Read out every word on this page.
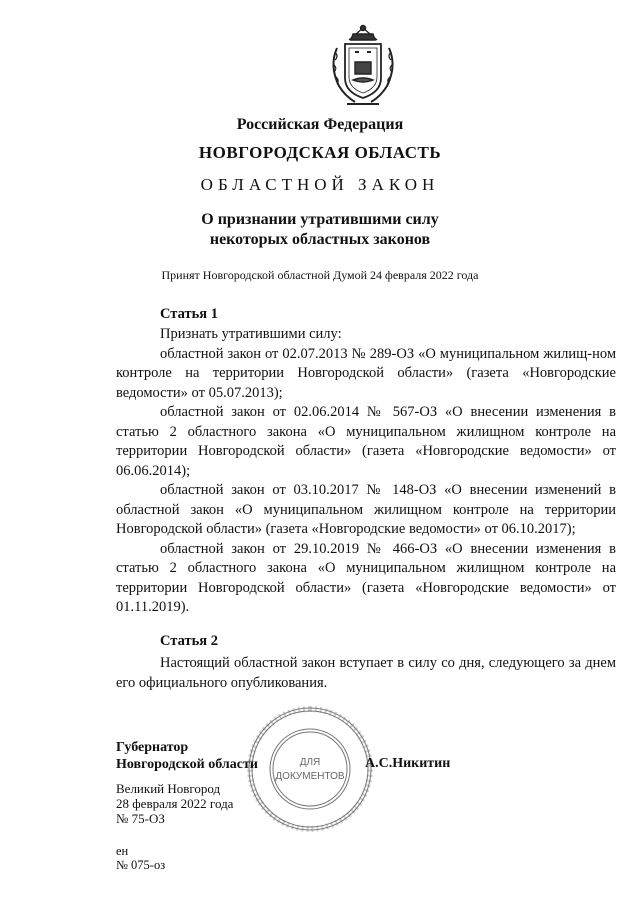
Российская Федерация
НОВГОРОДСКАЯ ОБЛАСТЬ
ОБЛАСТНОЙ ЗАКОН
О признании утратившими силу
некоторых областных законов
Принят Новгородской областной Думой 24 февраля 2022 года
Статья 1

Признать утратившими силу:

областной закон от 02.07.2013 № 289-ОЗ «О муниципальном жилищ-ном контроле на территории Новгородской области» (газета «Новгородские ведомости» от 05.07.2013);

областной закон от 02.06.2014 № 567-ОЗ «О внесении изменения в статью 2 областного закона «О муниципальном жилищном контроле на территории Новгородской области» (газета «Новгородские ведомости» от 06.06.2014);

областной закон от 03.10.2017 № 148-ОЗ «О внесении изменений в областной закон «О муниципальном жилищном контроле на территории Новгородской области» (газета «Новгородские ведомости» от 06.10.2017);

областной закон от 29.10.2019 № 466-ОЗ «О внесении изменения в статью 2 областного закона «О муниципальном жилищном контроле на территории Новгородской области» (газета «Новгородские ведомости» от 01.11.2019).

Статья 2

Настоящий областной закон вступает в силу со дня, следующего за днем его официального опубликования.

ДЛЯ
ДОКУМЕНТОВ
Губернатор
Новгородской области	А.С.Никитин
Великий Новгород
28 февраля 2022 года
№ 75-ОЗ
ен
№ 075-оз
